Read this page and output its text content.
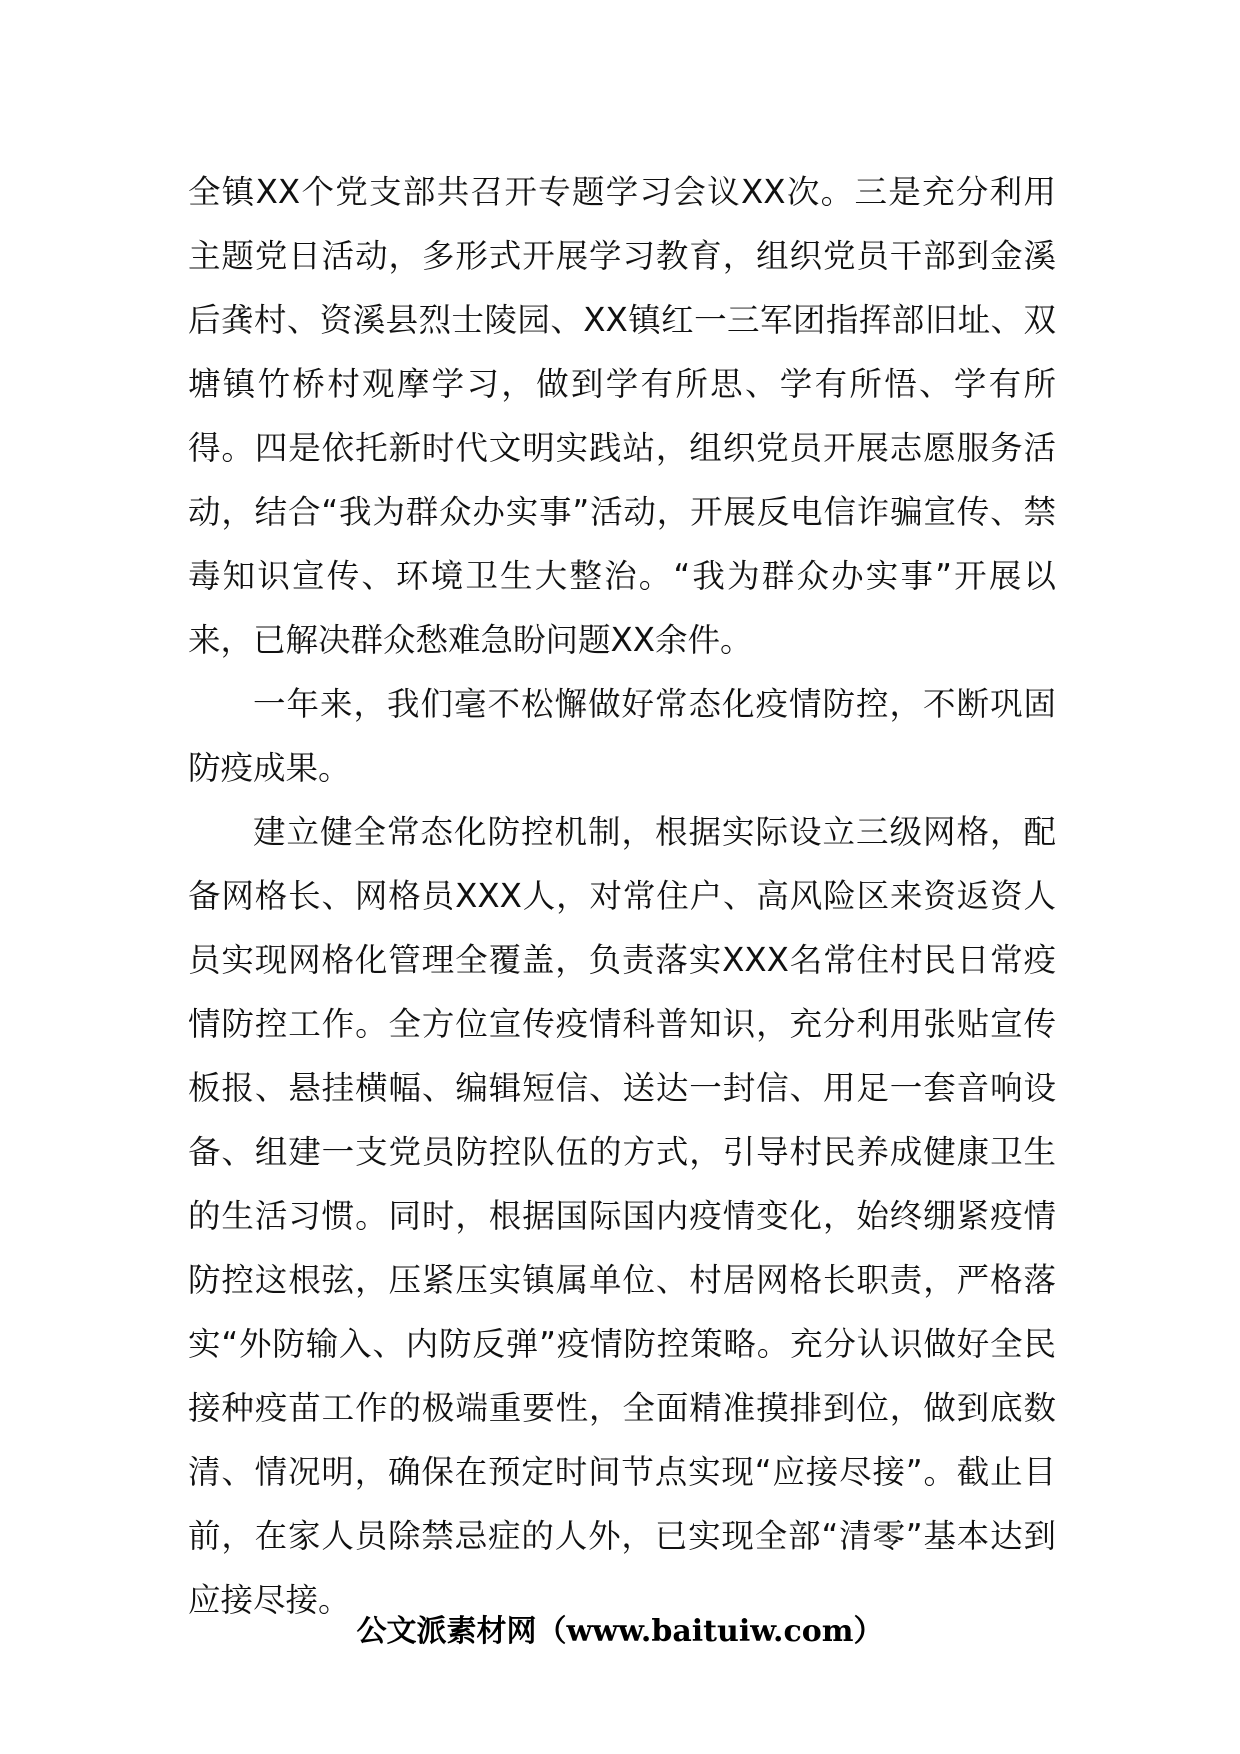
全镇XX个党支部共召开专题学习会议XX次。三是充分利用主题党日活动，多形式开展学习教育，组织党员干部到金溪后龚村、资溪县烈士陵园、XX镇红一三军团指挥部旧址、双塘镇竹桥村观摩学习，做到学有所思、学有所悟、学有所得。四是依托新时代文明实践站，组织党员开展志愿服务活动，结合“我为群众办实事”活动，开展反电信诈骗宣传、禁毒知识宣传、环境卫生大整治。“我为群众办实事”开展以来，已解决群众愁难急盼问题XX余件。

一年来，我们毫不松懈做好常态化疫情防控，不断巩固防疫成果。

建立健全常态化防控机制，根据实际设立三级网格，配备网格长、网格员XXX人，对常住户、高风险区来资返资人员实现网格化管理全覆盖，负责落实XXX名常住村民日常疫情防控工作。全方位宣传疫情科普知识，充分利用张贴宣传板报、悬挂横幅、编辑短信、送达一封信、用足一套音响设备、组建一支党员防控队伍的方式，引导村民养成健康卫生的生活习惯。同时，根据国际国内疫情变化，始终绷紧疫情防控这根弦，压紧压实镇属单位、村居网格长职责，严格落实“外防输入、内防反弹”疫情防控策略。充分认识做好全民接种疫苗工作的极端重要性，全面精准摸排到位，做到底数清、情况明，确保在预定时间节点实现“应接尽接”。截止目前，在家人员除禁忌症的人外，已实现全部“清零”基本达到应接尽接。

公文派素材网（www.baituiw.com）
